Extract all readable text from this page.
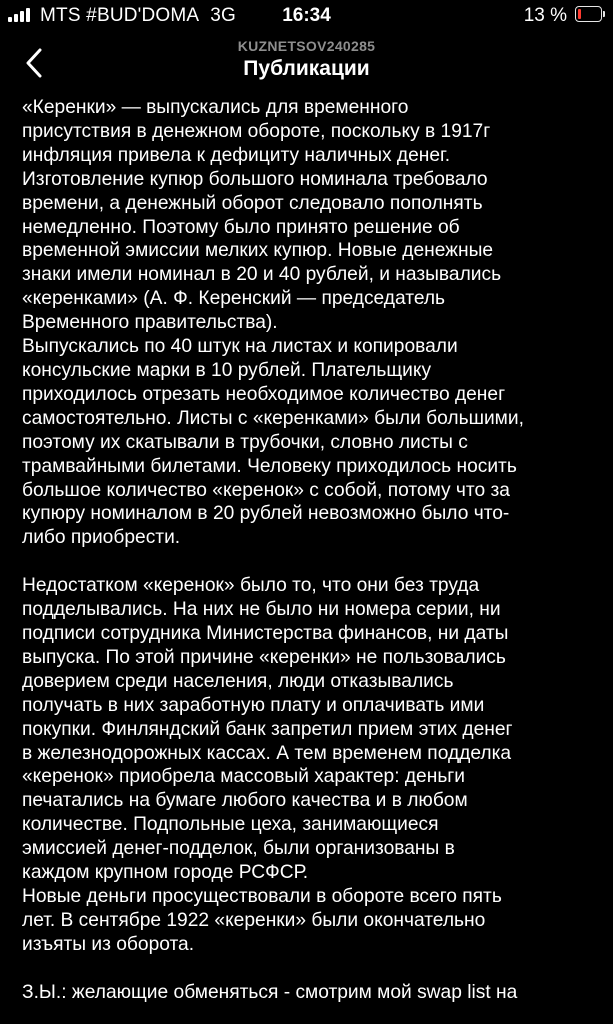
MTS #BUD'DOMA 3G	16:34	13 %
KUZNETSOV240285
Публикации

«Керенки» — выпускались для временного
присутствия в денежном обороте, поскольку в 1917г
инфляция привела к дефициту наличных денег.
Изготовление купюр большого номинала требовало
времени, а денежный оборот следовало пополнять
немедленно. Поэтому было принято решение об
временной эмиссии мелких купюр. Новые денежные
знаки имели номинал в 20 и 40 рублей, и назывались
«керенками» (А. Ф. Керенский — председатель
Временного правительства).

Выпускались по 40 штук на листах и копировали
консульские марки в 10 рублей. Плательщику
приходилось отрезать необходимое количество денег
самостоятельно. Листы с «керенками» были большими,
поэтому их скатывали в трубочки, словно листы с
трамвайными билетами. Человеку приходилось носить
большое количество «керенок» с собой, потому что за
купюру номиналом в 20 рублей невозможно было что-
либо приобрести.

Недостатком «керенок» было то, что они без труда
подделывались. На них не было ни номера серии, ни
подписи сотрудника Министерства финансов, ни даты
выпуска. По этой причине «керенки» не пользовались
доверием среди населения, люди отказывались
получать в них заработную плату и оплачивать ими
покупки. Финляндский банк запретил прием этих денег
в железнодорожных кассах. А тем временем подделка
«керенок» приобрела массовый характер: деньги
печатались на бумаге любого качества и в любом
количестве. Подпольные цеха, занимающиеся
эмиссией денег-подделок, были организованы в
каждом крупном городе РСФСР.

Новые деньги просуществовали в обороте всего пять
лет. В сентябре 1922 «керенки» были окончательно
изъяты из оборота.

З.Ы.: желающие обменяться - смотрим мой swap list на
